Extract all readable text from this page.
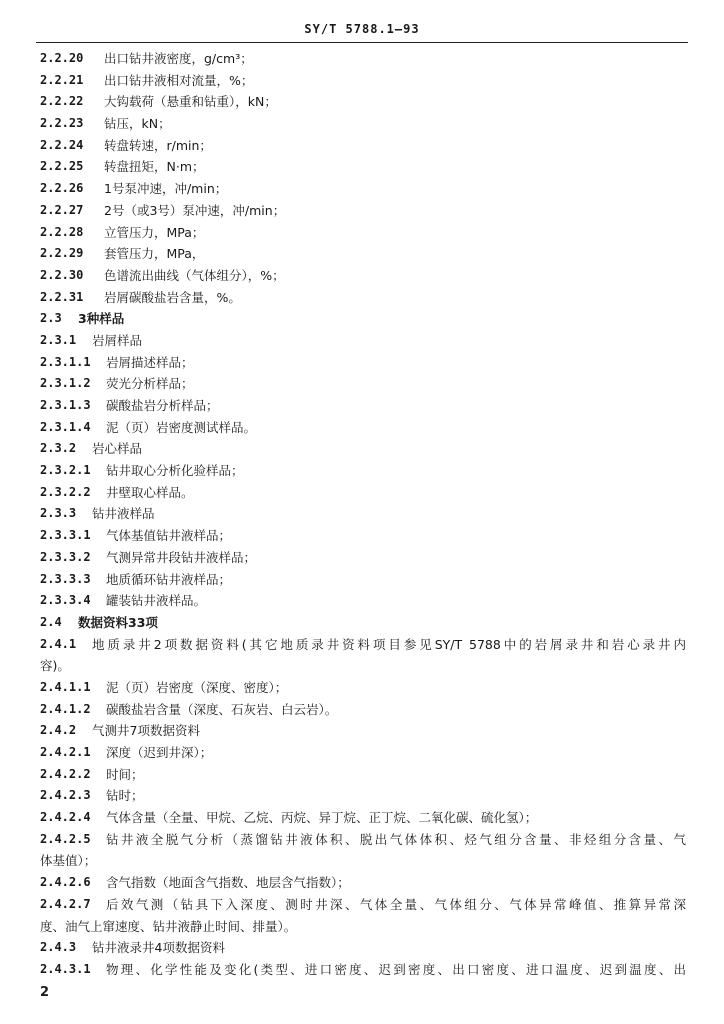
SY/T 5788.1—93
2.2.20 出口钻井液密度，g/cm³；
2.2.21 出口钻井液相对流量，%；
2.2.22 大钩载荷（悬重和钻重），kN；
2.2.23 钻压，kN；
2.2.24 转盘转速，r/min；
2.2.25 转盘扭矩，N·m；
2.2.26 1号泵冲速，冲/min；
2.2.27 2号（或3号）泵冲速，冲/min；
2.2.28 立管压力，MPa；
2.2.29 套管压力，MPa，
2.2.30 色谱流出曲线（气体组分），%；
2.2.31 岩屑碳酸盐岩含量，%。
2.3 3种样品
2.3.1 岩屑样品
2.3.1.1 岩屑描述样品；
2.3.1.2 荧光分析样品；
2.3.1.3 碳酸盐岩分析样品；
2.3.1.4 泥（页）岩密度测试样品。
2.3.2 岩心样品
2.3.2.1 钻井取心分析化验样品；
2.3.2.2 井壁取心样品。
2.3.3 钻井液样品
2.3.3.1 气体基值钻井液样品；
2.3.3.2 气测异常井段钻井液样品；
2.3.3.3 地质循环钻井液样品；
2.3.3.4 罐装钻井液样品。
2.4 数据资料33项
2.4.1 地质录井2项数据资料(其它地质录井资料项目参见SY/T 5788中的岩屑录井和岩心录井内
容)。
2.4.1.1 泥（页）岩密度（深度、密度）；
2.4.1.2 碳酸盐岩含量（深度、石灰岩、白云岩）。
2.4.2 气测井7项数据资料
2.4.2.1 深度（迟到井深）；
2.4.2.2 时间；
2.4.2.3 钻时；
2.4.2.4 气体含量（全量、甲烷、乙烷、丙烷、异丁烷、正丁烷、二氧化碳、硫化氢）；
2.4.2.5 钻井液全脱气分析（蒸馏钻井液体积、脱出气体体积、烃气组分含量、非烃组分含量、气
体基值）；
2.4.2.6 含气指数（地面含气指数、地层含气指数）；
2.4.2.7 后效气测（钻具下入深度、测时井深、气体全量、气体组分、气体异常峰值、推算异常深
度、油气上窜速度、钻井液静止时间、排量）。
2.4.3 钻井液录井4项数据资料
2.4.3.1 物理、化学性能及变化(类型、进口密度、迟到密度、出口密度、进口温度、迟到温度、出
2
